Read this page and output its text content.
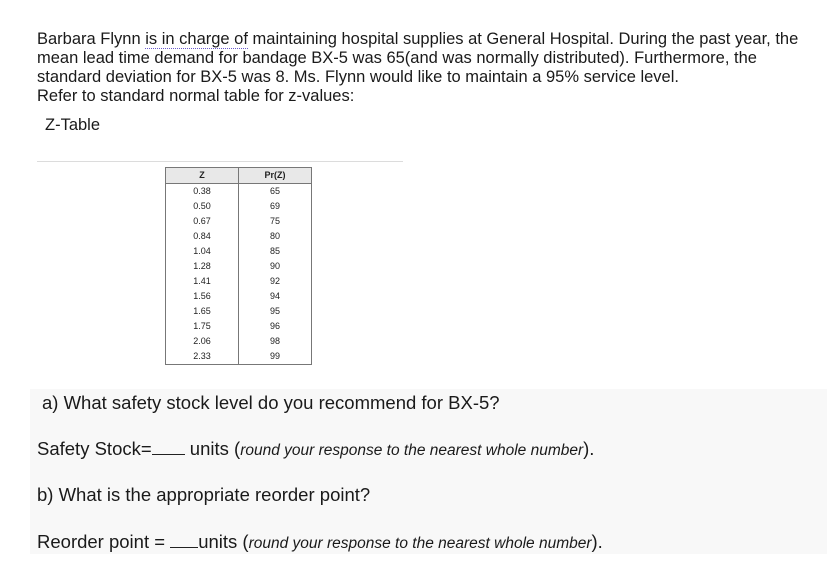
Barbara Flynn is in charge of maintaining hospital supplies at General Hospital. During the past year, the

mean lead time demand for bandage BX-5 was 65(and was normally distributed). Furthermore, the

standard deviation for BX-5 was 8. Ms. Flynn would like to maintain a 95% service level.

Refer to standard normal table for z-values:

Z-Table
Z	Pr(Z)
0.38	65
0.50	69
0.67	75
0.84	80
1.04	85
1.28	90
1.41	92
1.56	94
1.65	95
1.75	96
2.06	98
2.33	99
a) What safety stock level do you recommend for BX-5?
Safety Stock= units (round your response to the nearest whole number).
b) What is the appropriate reorder point?
Reorder point = units (round your response to the nearest whole number).
